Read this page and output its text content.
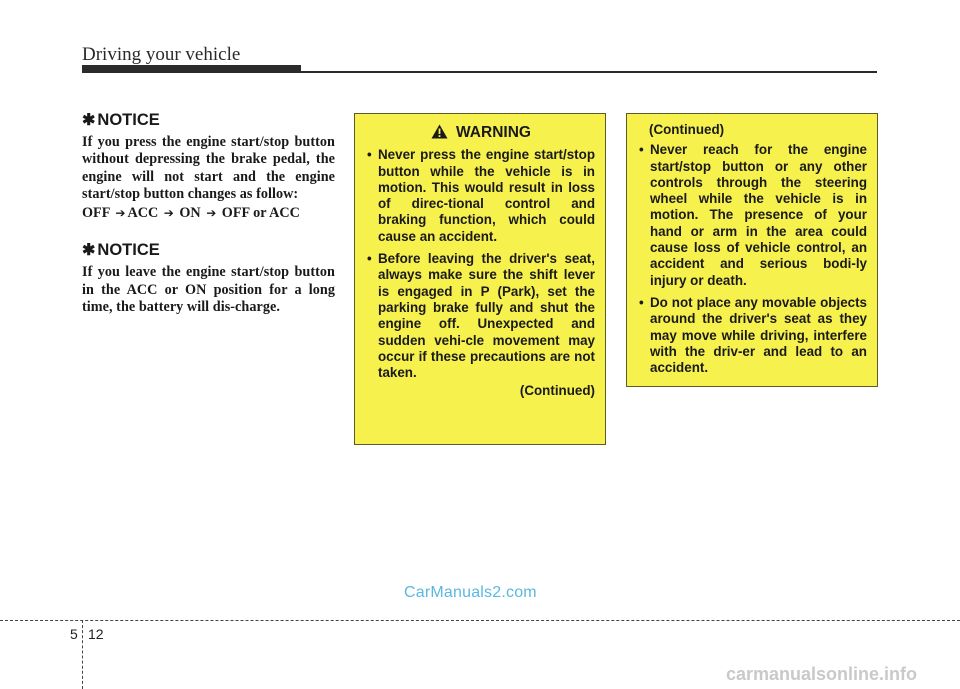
Driving your vehicle
✱ NOTICE
If you press the engine start/stop button without depressing the brake pedal, the engine will not start and the engine start/stop button changes as follow:
OFF ➔ ACC ➔ ON ➔ OFF or ACC
✱ NOTICE
If you leave the engine start/stop button in the ACC or ON position for a long time, the battery will dis-charge.
WARNING
• Never press the engine start/stop button while the vehicle is in motion. This would result in loss of direc-tional control and braking function, which could cause an accident.
• Before leaving the driver's seat, always make sure the shift lever is engaged in P (Park), set the parking brake fully and shut the engine off. Unexpected and sudden vehi-cle movement may occur if these precautions are not taken.
(Continued)
(Continued)
• Never reach for the engine start/stop button or any other controls through the steering wheel while the vehicle is in motion. The presence of your hand or arm in the area could cause loss of vehicle control, an accident and serious bodi-ly injury or death.
• Do not place any movable objects around the driver's seat as they may move while driving, interfere with the driv-er and lead to an accident.
CarManuals2.com
5 12
carmanualsonline.info
